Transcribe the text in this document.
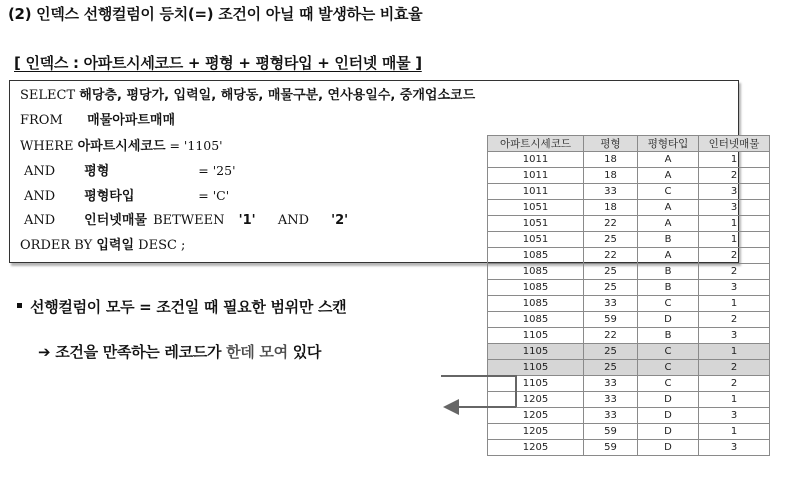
(2) 인덱스 선행컬럼이 등치(=) 조건이 아닐 때 발생하는 비효율
[ 인덱스 : 아파트시세코드 + 평형 + 평형타입 + 인터넷 매물 ]
SELECT 해당층, 평당가, 입력일, 해당동, 매물구분, 연사용일수, 중개업소코드
FROM 매물아파트매매
WHERE 아파트시세코드 = '1105'
AND 평형	= '25'
AND 평형타입	= 'C'
AND 인터넷매물 BETWEEN '1' AND '2'
ORDER BY 입력일 DESC ;
선행컬럼이 모두 = 조건일 때 필요한 범위만 스캔
➔ 조건을 만족하는 레코드가 한데 모여 있다
아파트시세코드	평형	평형타입	인터넷매물
1011	18	A	1
1011	18	A	2
1011	33	C	3
1051	18	A	3
1051	22	A	1
1051	25	B	1
1085	22	A	2
1085	25	B	2
1085	25	B	3
1085	33	C	1
1085	59	D	2
1105	22	B	3
1105	25	C	1
1105	25	C	2
1105	33	C	2
1205	33	D	1
1205	33	D	3
1205	59	D	1
1205	59	D	3
